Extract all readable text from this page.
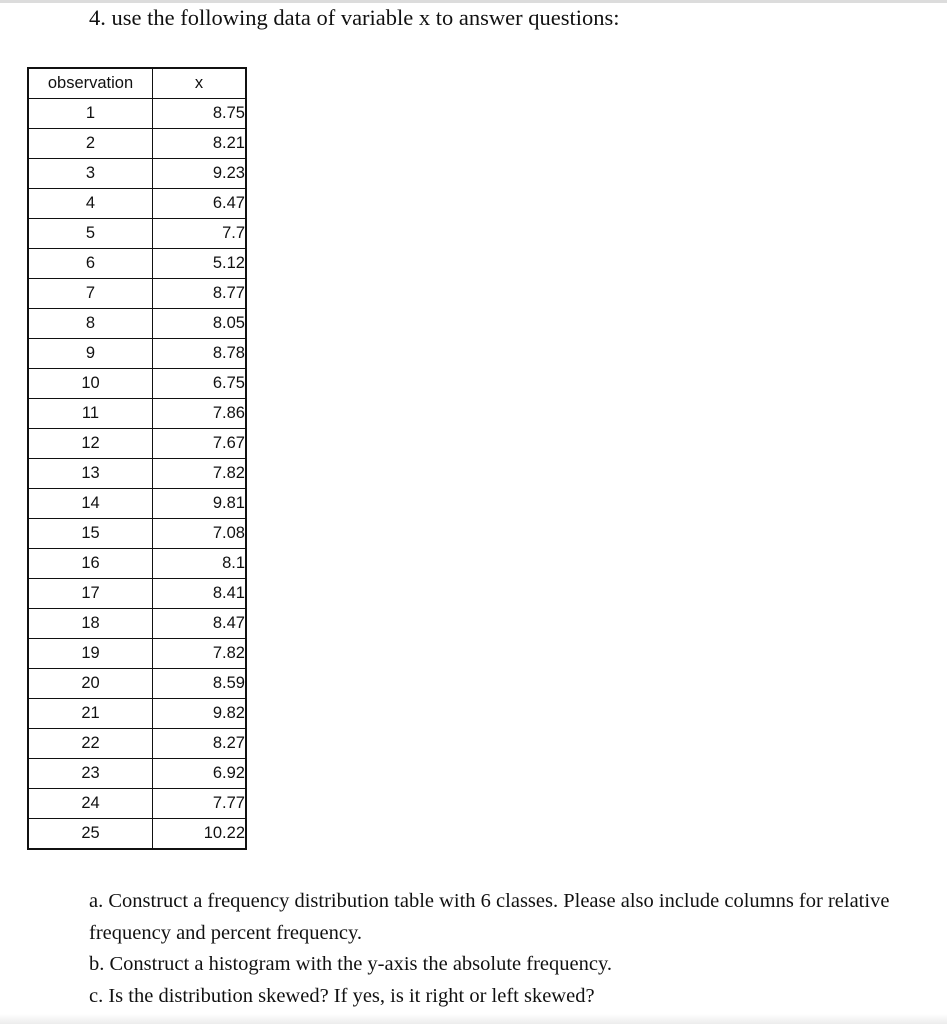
4. use the following data of variable x to answer questions:

observation	x
1	8.75
2	8.21
3	9.23
4	6.47
5	7.7
6	5.12
7	8.77
8	8.05
9	8.78
10	6.75
11	7.86
12	7.67
13	7.82
14	9.81
15	7.08
16	8.1
17	8.41
18	8.47
19	7.82
20	8.59
21	9.82
22	8.27
23	6.92
24	7.77
25	10.22

a. Construct a frequency distribution table with 6 classes. Please also include columns for relative frequency and percent frequency.

b. Construct a histogram with the y-axis the absolute frequency.

c. Is the distribution skewed? If yes, is it right or left skewed?
